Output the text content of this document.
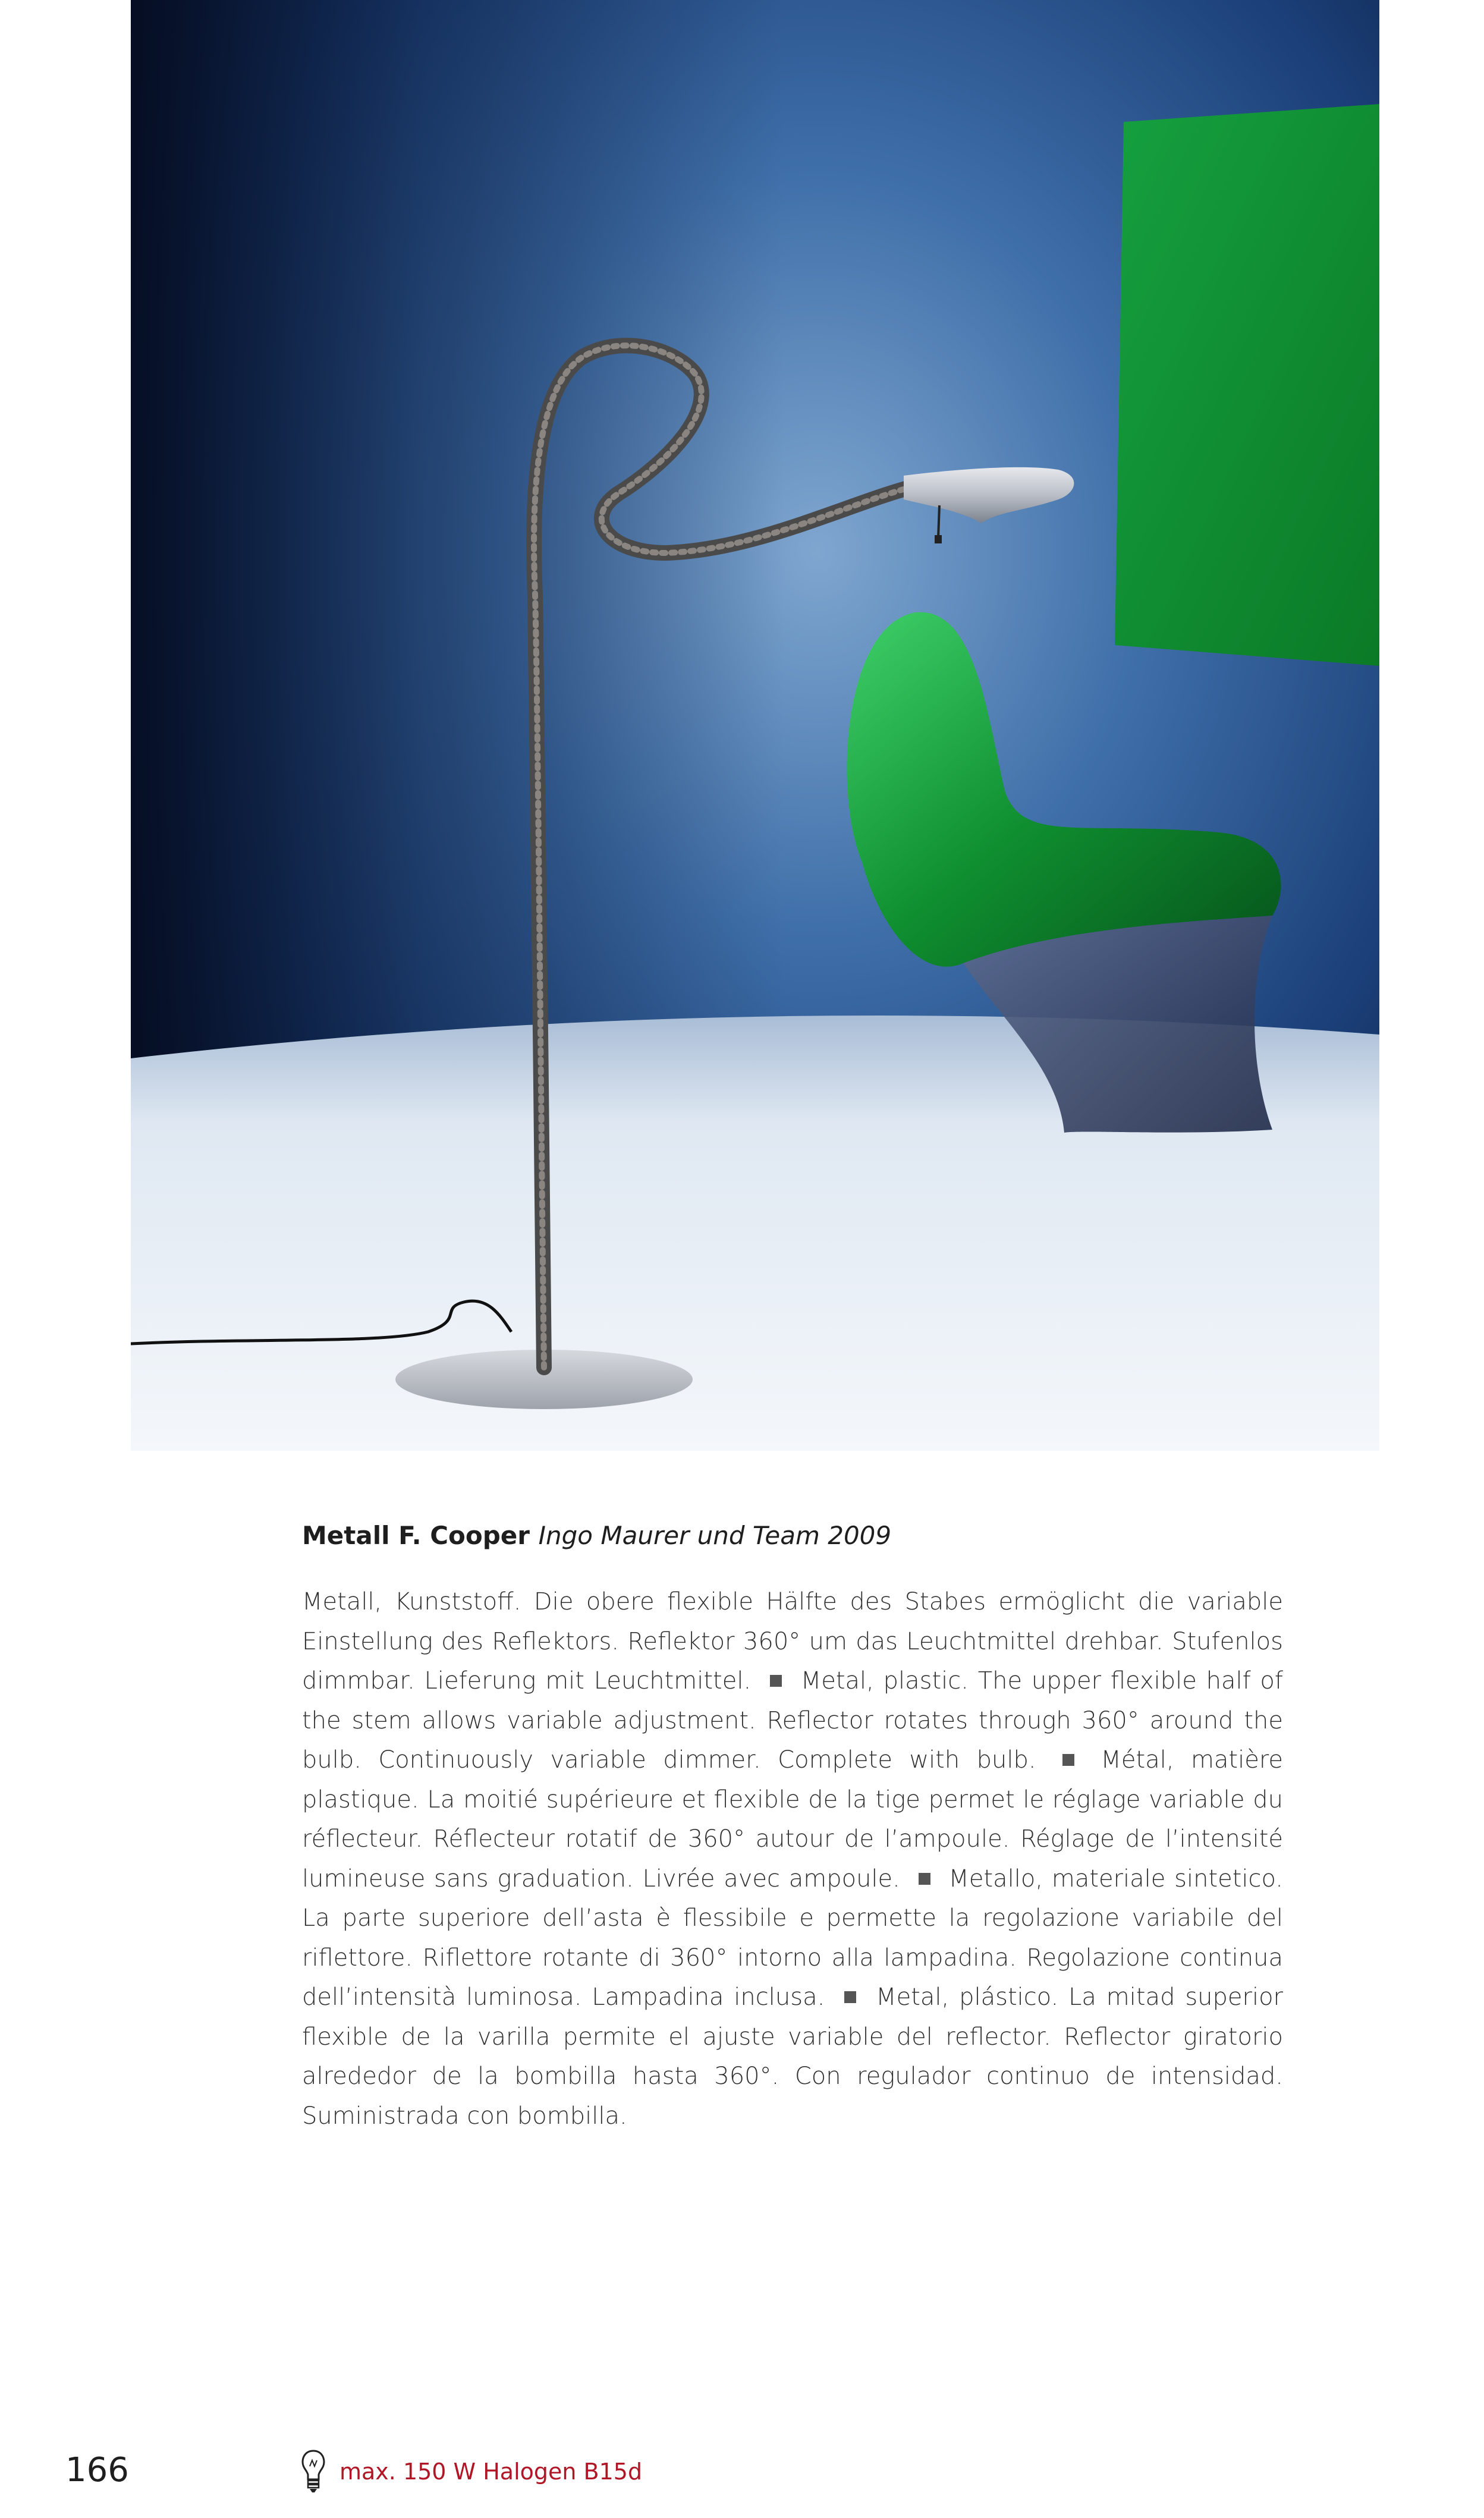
Metall F. Cooper Ingo Maurer und Team 2009

Metall, Kunststoff. Die obere flexible Hälfte des Stabes ermöglicht die variable Einstellung des Reflektors. Reflektor 360° um das Leuchtmittel drehbar. Stufenlos dimmbar. Lieferung mit Leuchtmittel. Metal, plastic. The upper flexible half of the stem allows variable adjustment. Reflector rotates through 360° around the bulb. Continuously variable dimmer. Complete with bulb.	Métal, matière plastique. La moitié supérieure et flexible de la tige permet le réglage variable du réflecteur. Réflecteur rotatif de 360° autour de l’ampoule. Réglage de l’intensité lumineuse sans graduation. Livrée avec ampoule. Metallo, materiale sintetico. La parte superiore dell’asta è flessibile e permette la regolazione variabile del riflettore. Riflettore rotante di 360° intorno alla lampadina. Regolazione continua dell’intensità luminosa. Lampadina inclusa. Metal, plástico. La mitad superior flexible de la varilla permite el ajuste variable del reflector. Reflector giratorio alrededor de la bombilla hasta 360°. Con regulador continuo de intensidad. Suministrada con bombilla.

166	max. 150 W Halogen B15d
